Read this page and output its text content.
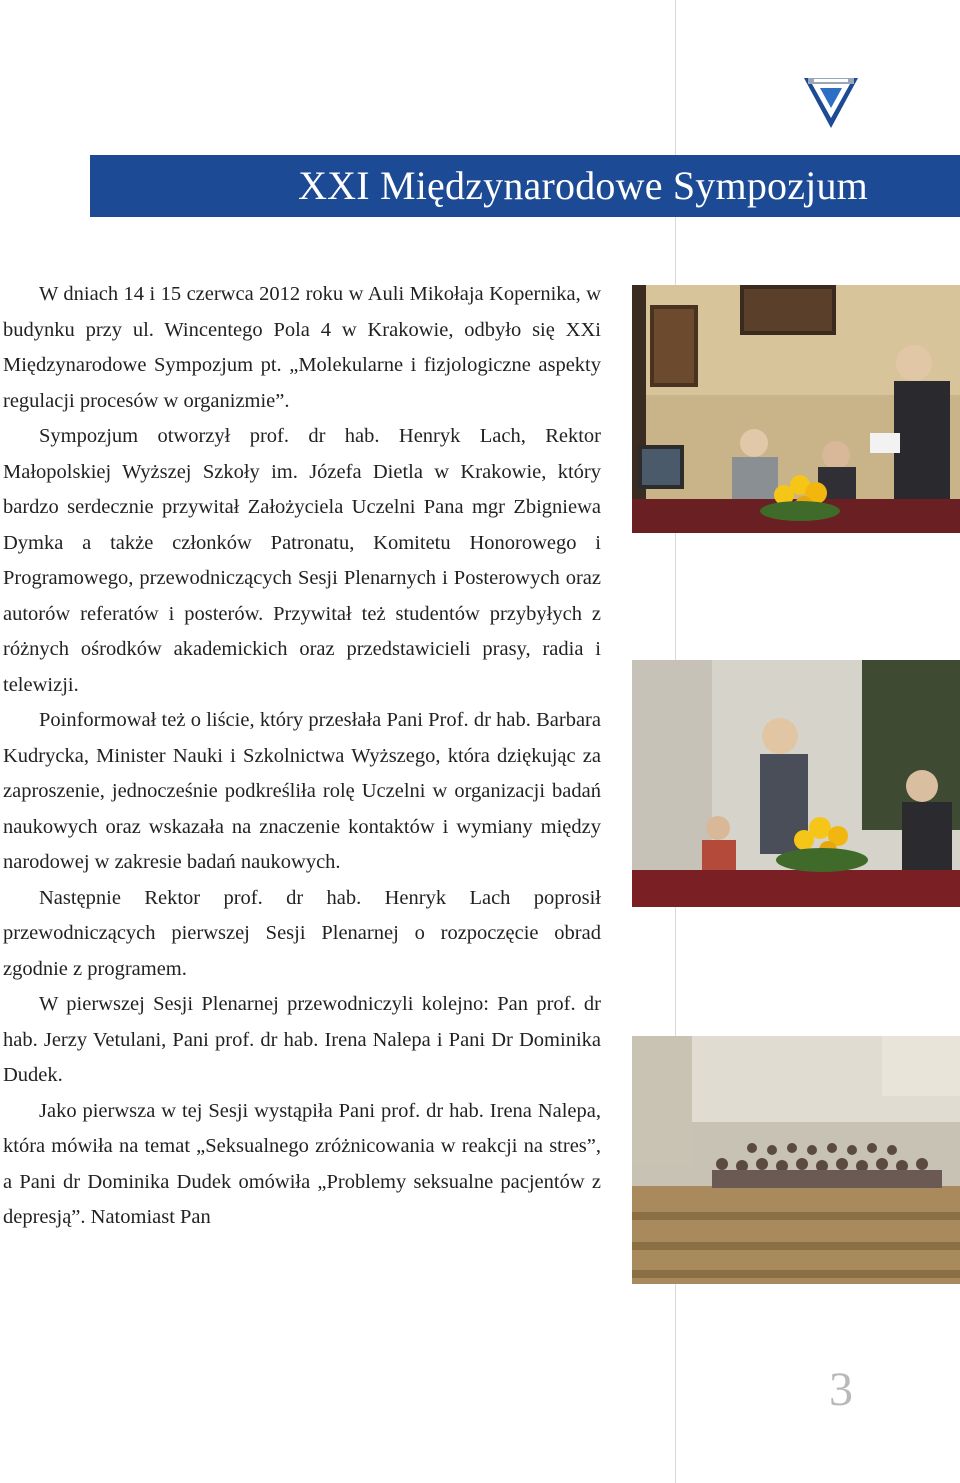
XXI Międzynarodowe Sympozjum

W dniach 14 i 15 czerwca 2012 roku w Auli Mikołaja Kopernika, w budynku przy ul. Wincentego Pola 4 w Krakowie, odbyło się XXi Międzynarodowe Sympozjum pt. „Molekularne i fizjologiczne aspekty regulacji procesów w organizmie”.

Sympozjum otworzył prof. dr hab. Henryk Lach, Rektor Małopolskiej Wyższej Szkoły im. Józefa Dietla w Krakowie, który bardzo serdecznie przywitał Założyciela Uczelni Pana mgr Zbigniewa Dymka a także członków Patronatu, Komitetu Honorowego i Programowego, przewodniczących Sesji Plenarnych i Posterowych oraz autorów referatów i posterów. Przywitał też studentów przybyłych z różnych ośrodków akademickich oraz przedstawicieli prasy, radia i telewizji.

Poinformował też o liście, który przesłała Pani Prof. dr hab. Barbara Kudrycka, Minister Nauki i Szkolnictwa Wyższego, która dziękując za zaproszenie, jednocześnie podkreśliła rolę Uczelni w organizacji badań naukowych oraz wskazała na znaczenie kontaktów i wymiany między narodowej w zakresie badań naukowych.

Następnie Rektor prof. dr hab. Henryk Lach poprosił przewodniczących pierwszej Sesji Plenarnej o rozpoczęcie obrad zgodnie z programem.

W pierwszej Sesji Plenarnej przewodniczyli kolejno: Pan prof. dr hab. Jerzy Vetulani, Pani prof. dr hab. Irena Nalepa i Pani Dr Dominika Dudek.

Jako pierwsza w tej Sesji wystąpiła Pani prof. dr hab. Irena Nalepa, która mówiła na temat „Seksualnego zróżnicowania w reakcji na stres”, a Pani dr Dominika Dudek omówiła „Problemy seksualne pacjentów z depresją”. Natomiast Pan

3
